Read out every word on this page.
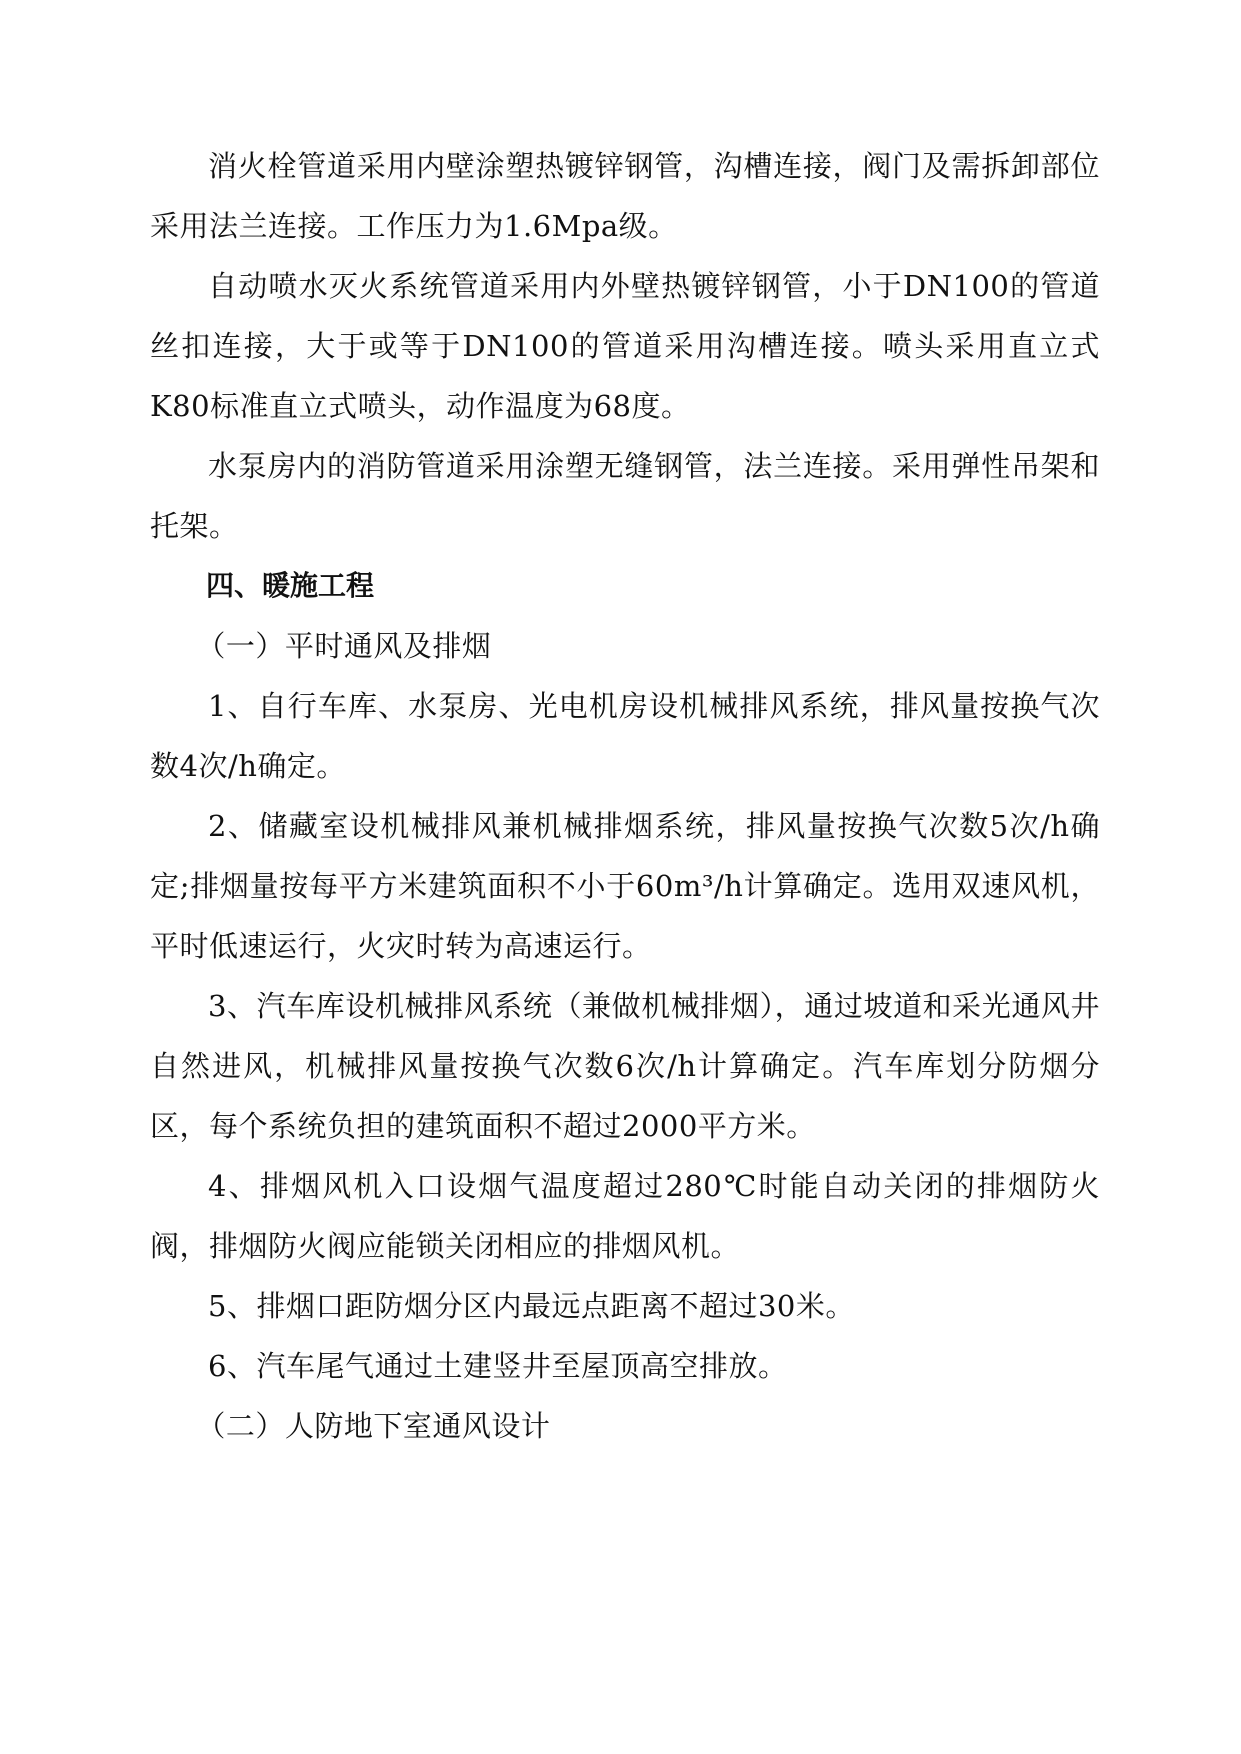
消火栓管道采用内壁涂塑热镀锌钢管，沟槽连接，阀门及需拆卸部位采用法兰连接。工作压力为1.6Mpa级。

自动喷水灭火系统管道采用内外壁热镀锌钢管，小于DN100的管道丝扣连接，大于或等于DN100的管道采用沟槽连接。喷头采用直立式K80标准直立式喷头，动作温度为68度。

水泵房内的消防管道采用涂塑无缝钢管，法兰连接。采用弹性吊架和托架。

四、暖施工程

（一）平时通风及排烟

1、自行车库、水泵房、光电机房设机械排风系统，排风量按换气次数4次/h确定。

2、储藏室设机械排风兼机械排烟系统，排风量按换气次数5次/h确定;排烟量按每平方米建筑面积不小于60m³/h计算确定。选用双速风机，平时低速运行，火灾时转为高速运行。

3、汽车库设机械排风系统（兼做机械排烟），通过坡道和采光通风井自然进风，机械排风量按换气次数6次/h计算确定。汽车库划分防烟分区，每个系统负担的建筑面积不超过2000平方米。

4、排烟风机入口设烟气温度超过280℃时能自动关闭的排烟防火阀，排烟防火阀应能锁关闭相应的排烟风机。

5、排烟口距防烟分区内最远点距离不超过30米。

6、汽车尾气通过土建竖井至屋顶高空排放。

（二）人防地下室通风设计
